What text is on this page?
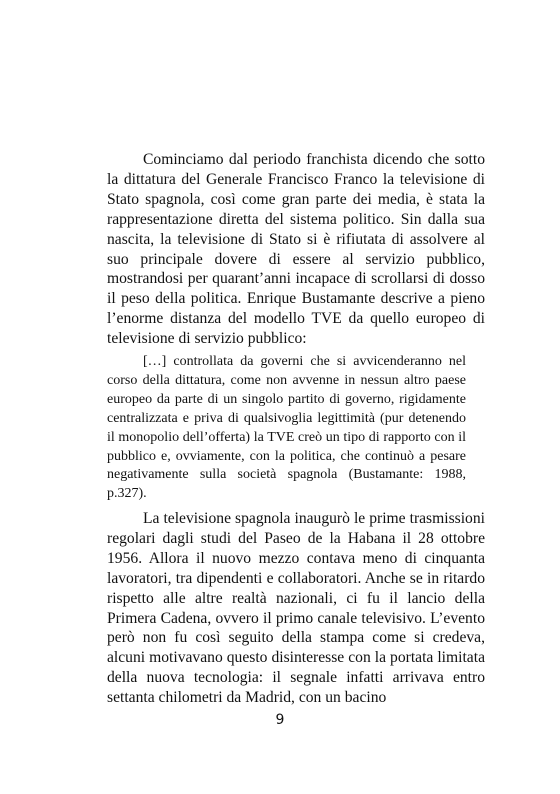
Cominciamo dal periodo franchista dicendo che sotto la dittatura del Generale Francisco Franco la televisione di Stato spagnola, così come gran parte dei media, è stata la rappresentazione diretta del sistema politico. Sin dalla sua nascita, la televisione di Stato si è rifiutata di assolvere al suo principale dovere di essere al servizio pubblico, mostrandosi per quarant’anni incapace di scrollarsi di dosso il peso della politica. Enrique Bustamante descrive a pieno l’enorme distanza del modello TVE da quello europeo di televisione di servizio pubblico:

[…] controllata da governi che si avvicenderanno nel corso della dittatura, come non avvenne in nessun altro paese europeo da parte di un singolo partito di governo, rigidamente centralizzata e priva di qualsivoglia legittimità (pur detenendo il monopolio dell’offerta) la TVE creò un tipo di rapporto con il pubblico e, ovviamente, con la politica, che continuò a pesare negativamente sulla società spagnola (Bustamante: 1988, p.327).

La televisione spagnola inaugurò le prime trasmissioni regolari dagli studi del Paseo de la Habana il 28 ottobre 1956. Allora il nuovo mezzo contava meno di cinquanta lavoratori, tra dipendenti e collaboratori. Anche se in ritardo rispetto alle altre realtà nazionali, ci fu il lancio della Primera Cadena, ovvero il primo canale televisivo. L’evento però non fu così seguito della stampa come si credeva, alcuni motivavano questo disinteresse con la portata limitata della nuova tecnologia: il segnale infatti arrivava entro settanta chilometri da Madrid, con un bacino

9
